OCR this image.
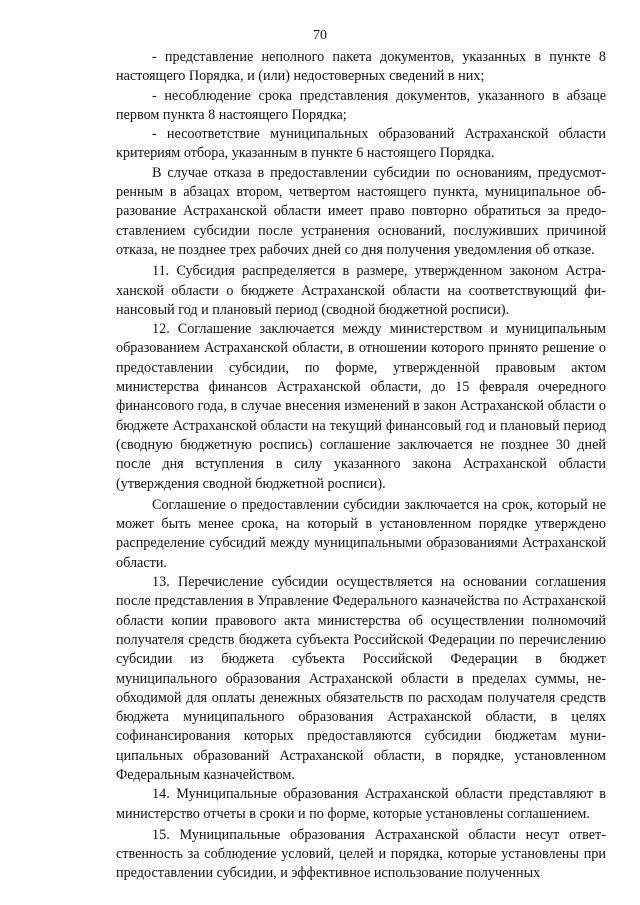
70

- представление неполного пакета документов, указанных в пункте 8 настоящего Порядка, и (или) недостоверных сведений в них;

- несоблюдение срока представления документов, указанного в абзаце первом пункта 8 настоящего Порядка;

- несоответствие муниципальных образований Астраханской области критериям отбора, указанным в пункте 6 настоящего Порядка.

В случае отказа в предоставлении субсидии по основаниям, предусмотренным в абзацах втором, четвертом настоящего пункта, муниципальное образование Астраханской области имеет право повторно обратиться за предоставлением субсидии после устранения оснований, послуживших причиной отказа, не позднее трех рабочих дней со дня получения уведомления об отказе.

11. Субсидия распределяется в размере, утвержденном законом Астраханской области о бюджете Астраханской области на соответствующий финансовый год и плановый период (сводной бюджетной росписи).

12. Соглашение заключается между министерством и муниципальным образованием Астраханской области, в отношении которого принято решение о предоставлении субсидии, по форме, утвержденной правовым актом министерства финансов Астраханской области, до 15 февраля очередного финансового года, в случае внесения изменений в закон Астраханской области о бюджете Астраханской области на текущий финансовый год и плановый период (сводную бюджетную роспись) соглашение заключается не позднее 30 дней после дня вступления в силу указанного закона Астраханской области (утверждения сводной бюджетной росписи).

Соглашение о предоставлении субсидии заключается на срок, который не может быть менее срока, на который в установленном порядке утверждено распределение субсидий между муниципальными образованиями Астраханской области.

13. Перечисление субсидии осуществляется на основании соглашения после представления в Управление Федерального казначейства по Астраханской области копии правового акта министерства об осуществлении полномочий получателя средств бюджета субъекта Российской Федерации по перечислению субсидии из бюджета субъекта Российской Федерации в бюджет муниципального образования Астраханской области в пределах суммы, необходимой для оплаты денежных обязательств по расходам получателя средств бюджета муниципального образования Астраханской области, в целях софинансирования которых предоставляются субсидии бюджетам муниципальных образований Астраханской области, в порядке, установленном Федеральным казначейством.

14. Муниципальные образования Астраханской области представляют в министерство отчеты в сроки и по форме, которые установлены соглашением.

15. Муниципальные образования Астраханской области несут ответственность за соблюдение условий, целей и порядка, которые установлены при предоставлении субсидии, и эффективное использование полученных
